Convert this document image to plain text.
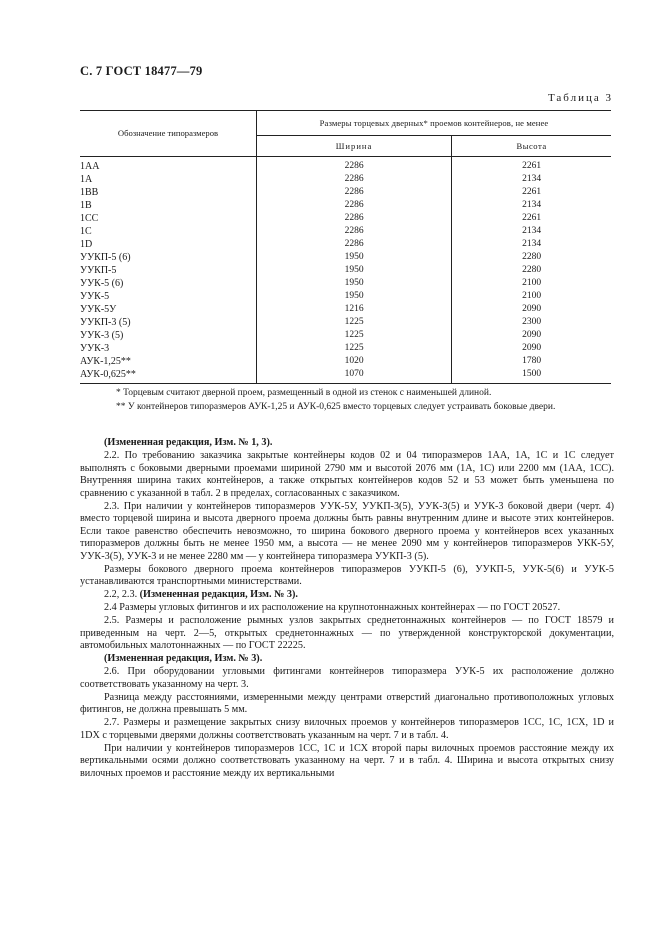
С. 7 ГОСТ 18477—79
Таблица 3
Обозначение типоразмеров	Размеры торцевых дверных* проемов контейнеров, не менее	
	Ширина	Высота
1AA	2286	2261
1A	2286	2134
1BB	2286	2261
1B	2286	2134
1CC	2286	2261
1C	2286	2134
1D	2286	2134
УУКП-5 (6)	1950	2280
УУКП-5	1950	2280
УУК-5 (6)	1950	2100
УУК-5	1950	2100
УУК-5У	1216	2090
УУКП-3 (5)	1225	2300
УУК-3 (5)	1225	2090
УУК-3	1225	2090
АУК-1,25**	1020	1780
АУК-0,625**	1070	1500
* Торцевым считают дверной проем, размещенный в одной из стенок с наименьшей длиной.
** У контейнеров типоразмеров АУК-1,25 и АУК-0,625 вместо торцевых следует устраивать боковые двери.

(Измененная редакция, Изм. № 1, 3).

2.2. По требованию заказчика закрытые контейнеры кодов 02 и 04 типоразмеров 1АА, 1А, 1С и 1С следует выполнять с боковыми дверными проемами шириной 2790 мм и высотой 2076 мм (1А, 1С) или 2200 мм (1АА, 1СС). Внутренняя ширина таких контейнеров, а также открытых контейнеров кодов 52 и 53 может быть уменьшена по сравнению с указанной в табл. 2 в пределах, согласованных с заказчиком.

2.3. При наличии у контейнеров типоразмеров УУК-5У, УУКП-3(5), УУК-3(5) и УУК-3 боковой двери (черт. 4) вместо торцевой ширина и высота дверного проема должны быть равны внутренним длине и высоте этих контейнеров. Если такое равенство обеспечить невозможно, то ширина бокового дверного проема у контейнеров всех указанных типоразмеров должны быть не менее 1950 мм, а высота — не менее 2090 мм у контейнеров типоразмеров УКК-5У, УУК-3(5), УУК-3 и не менее 2280 мм — у контейнера типоразмера УУКП-3 (5).

Размеры бокового дверного проема контейнеров типоразмеров УУКП-5 (6), УУКП-5, УУК-5(6) и УУК-5 устанавливаются транспортными министерствами.

2.2, 2.3. (Измененная редакция, Изм. № 3).

2.4 Размеры угловых фитингов и их расположение на крупнотоннажных контейнерах — по ГОСТ 20527.

2.5. Размеры и расположение рымных узлов закрытых среднетоннажных контейнеров — по ГОСТ 18579 и приведенным на черт. 2—5, открытых среднетоннажных — по утвержденной конструкторской документации, автомобильных малотоннажных — по ГОСТ 22225.

(Измененная редакция, Изм. № 3).

2.6. При оборудовании угловыми фитингами контейнеров типоразмера УУК-5 их расположение должно соответствовать указанному на черт. 3.

Разница между расстояниями, измеренными между центрами отверстий диагонально противоположных угловых фитингов, не должна превышать 5 мм.

2.7. Размеры и размещение закрытых снизу вилочных проемов у контейнеров типоразмеров 1СС, 1С, 1СХ, 1D и 1DX с торцевыми дверями должны соответствовать указанным на черт. 7 и в табл. 4.

При наличии у контейнеров типоразмеров 1СС, 1С и 1СХ второй пары вилочных проемов расстояние между их вертикальными осями должно соответствовать указанному на черт. 7 и в табл. 4. Ширина и высота открытых снизу вилочных проемов и расстояние между их вертикальными
